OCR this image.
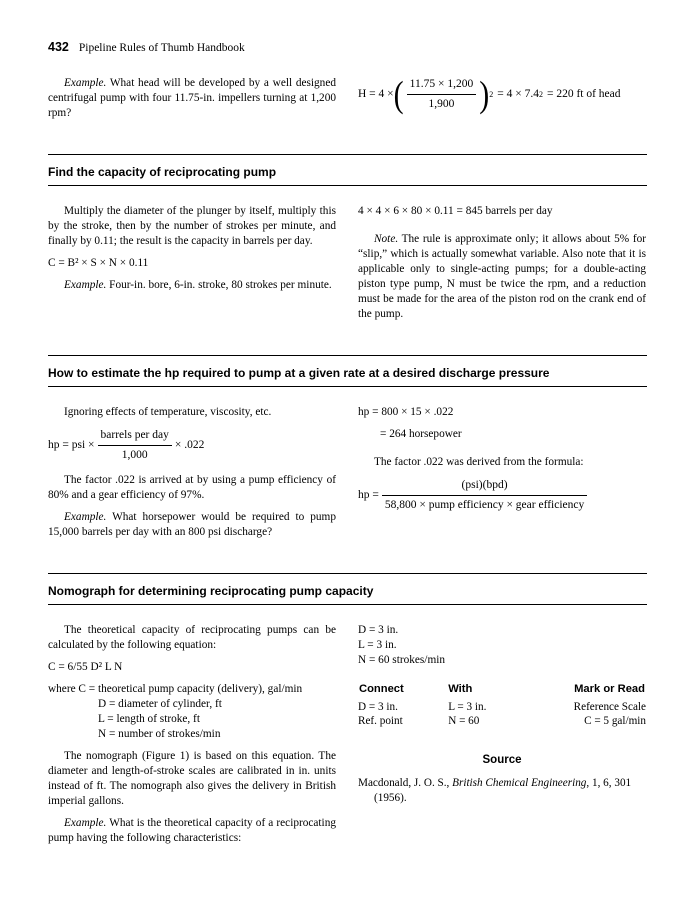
432 Pipeline Rules of Thumb Handbook

Example. What head will be developed by a well designed centrifugal pump with four 11.75-in. impellers turning at 1,200 rpm?

H = 4 × ( $\frac{11.75 \times 1,200}{1,900}$ ) 2 = 4 × 7.4 2 = 220 ft of head
Find the capacity of reciprocating pump

Multiply the diameter of the plunger by itself, multiply this by the stroke, then by the number of strokes per minute, and finally by 0.11; the result is the capacity in barrels per day.

C = B² × S × N × 0.11

Example. Four-in. bore, 6-in. stroke, 80 strokes per minute.

4 × 4 × 6 × 80 × 0.11 = 845 barrels per day

Note. The rule is approximate only; it allows about 5% for “slip,” which is actually somewhat variable. Also note that it is applicable only to single-acting pumps; for a double-acting piston type pump, N must be twice the rpm, and a reduction must be made for the area of the piston rod on the crank end of the pump.

How to estimate the hp required to pump at a given rate at a desired discharge pressure

Ignoring effects of temperature, viscosity, etc.

hp = psi × $\frac{\text{barrels per day}}{1,000} \times .022$

The factor .022 is arrived at by using a pump efficiency of 80% and a gear efficiency of 97%.

Example. What horsepower would be required to pump 15,000 barrels per day with an 800 psi discharge?

hp = 800 × 15 × .022
= 264 horsepower

The factor .022 was derived from the formula:

hp = $\frac{\text{(psi)(bpd)}}{\text{58,800 × pump efficiency × gear efficiency}}$
Nomograph for determining reciprocating pump capacity

The theoretical capacity of reciprocating pumps can be calculated by the following equation:

C = 6/55 D² L N
where C = theoretical pump capacity (delivery), gal/min
D = diameter of cylinder, ft
L = length of stroke, ft
N = number of strokes/min

The nomograph (Figure 1) is based on this equation. The diameter and length-of-stroke scales are calibrated in in. units instead of ft. The nomograph also gives the delivery in British imperial gallons.

Example. What is the theoretical capacity of a reciprocating pump having the following characteristics:

D = 3 in.
L = 3 in.
N = 60 strokes/min
Connect	With	Mark or Read
D = 3 in.	L = 3 in.	Reference Scale
Ref. point	N = 60	C = 5 gal/min
Source
Macdonald, J. O. S., British Chemical Engineering, 1, 6, 301 (1956).
